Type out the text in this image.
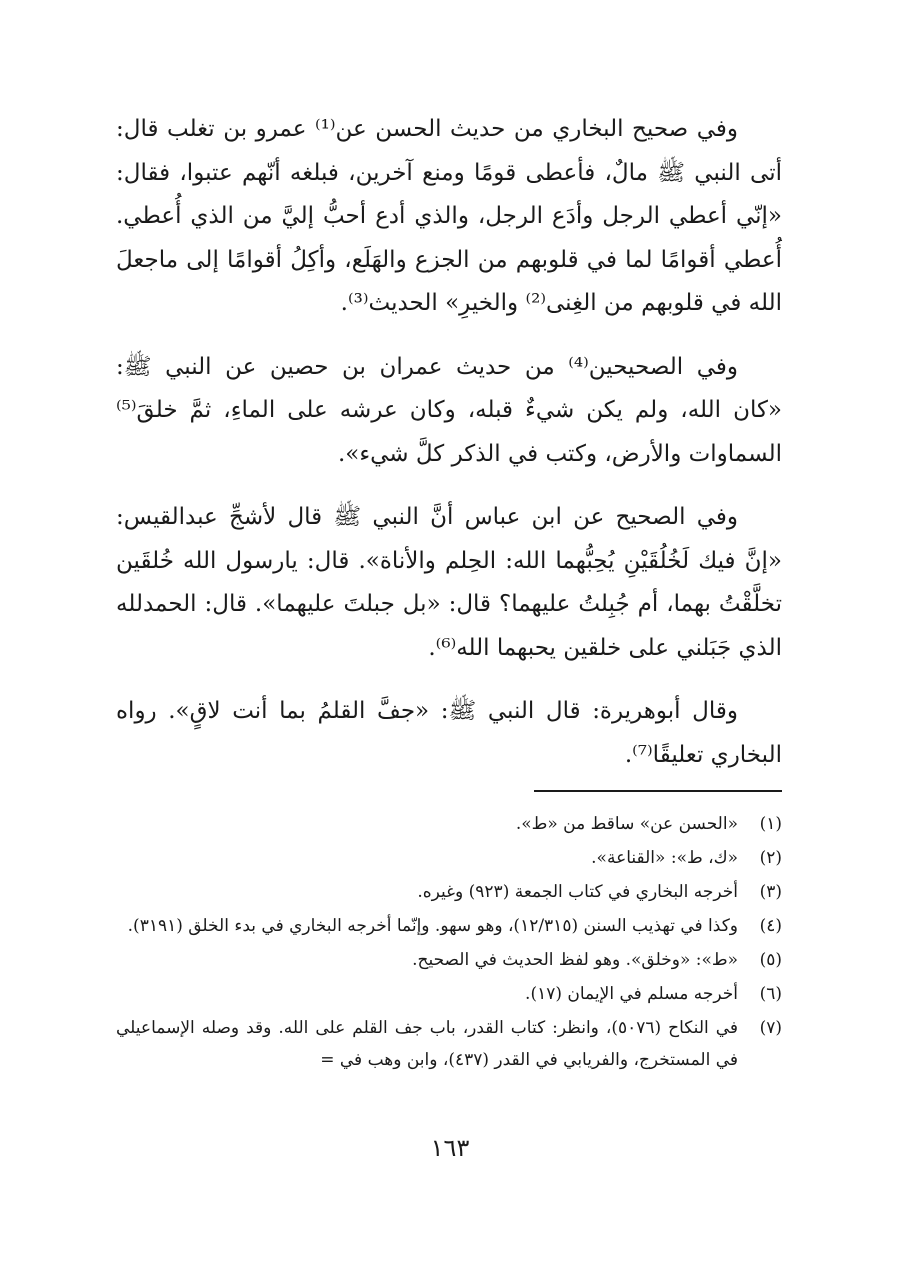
وفي صحيح البخاري من حديث الحسن عن⁽¹⁾ عمرو بن تغلب قال: أتى النبي ﷺ مالٌ، فأعطى قومًا ومنع آخرين، فبلغه أنّهم عتبوا، فقال: «إنّي أعطي الرجل وأدَع الرجل، والذي أدع أحبُّ إليَّ من الذي أُعطي. أُعطي أقوامًا لما في قلوبهم من الجزع والهَلَع، وأكِلُ أقوامًا إلى ماجعلَ الله في قلوبهم من الغِنى⁽²⁾ والخيرِ» الحديث⁽³⁾.

وفي الصحيحين⁽⁴⁾ من حديث عمران بن حصين عن النبي ﷺ: «كان الله، ولم يكن شيءٌ قبله، وكان عرشه على الماءِ، ثمَّ خلقَ⁽⁵⁾ السماوات والأرض، وكتب في الذكر كلَّ شيء».

وفي الصحيح عن ابن عباس أنَّ النبي ﷺ قال لأشجِّ عبدالقيس: «إنَّ فيك لَخُلُقَيْنِ يُحِبُّهما الله: الحِلم والأناة». قال: يارسول الله خُلقَين تخلَّقْتُ بهما، أم جُبِلتُ عليهما؟ قال: «بل جبلتَ عليهما». قال: الحمدلله الذي جَبَلني على خلقين يحبهما الله⁽⁶⁾.

وقال أبوهريرة: قال النبي ﷺ: «جفَّ القلمُ بما أنت لاقٍ». رواه البخاري تعليقًا⁽⁷⁾.

(١)
«الحسن عن» ساقط من «ط».
(٢)
«ك، ط»: «القناعة».
(٣)
أخرجه البخاري في كتاب الجمعة (٩٢٣) وغيره.
(٤)
وكذا في تهذيب السنن (١٢/٣١٥)، وهو سهو. وإنّما أخرجه البخاري في بدء الخلق (٣١٩١).
(٥)
«ط»: «وخلق». وهو لفظ الحديث في الصحيح.
(٦)
أخرجه مسلم في الإيمان (١٧).
(٧)
في النكاح (٥٠٧٦)، وانظر: كتاب القدر، باب جف القلم على الله. وقد وصله الإسماعيلي في المستخرج، والفريابي في القدر (٤٣٧)، وابن وهب في =
١٦٣
